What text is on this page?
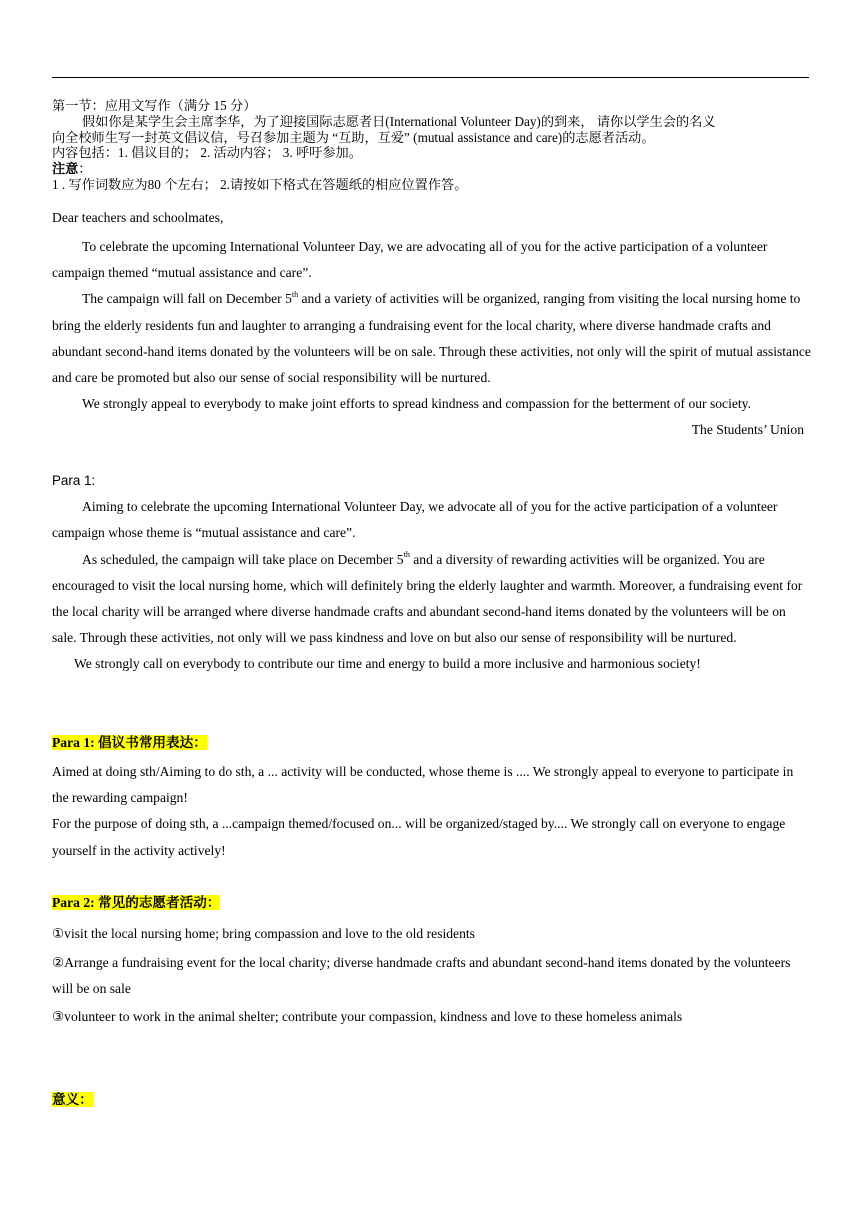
第一节：应用文写作（满分 15 分）
假如你是某学生会主席李华，为了迎接国际志愿者日(International Volunteer Day)的到来， 请你以学生会的名义
向全校师生写一封英文倡议信，号召参加主题为 “互助，互爱” (mutual assistance and care)的志愿者活动。
内容包括：1. 倡议目的； 2. 活动内容； 3. 呼吁参加。
注意：
1 . 写作词数应为80 个左右； 2.请按如下格式在答题纸的相应位置作答。

Dear teachers and schoolmates,

To celebrate the upcoming International Volunteer Day, we are advocating all of you for the active participation of a volunteer campaign themed “mutual assistance and care”.

The campaign will fall on December 5th and a variety of activities will be organized, ranging from visiting the local nursing home to bring the elderly residents fun and laughter to arranging a fundraising event for the local charity, where diverse handmade crafts and abundant second-hand items donated by the volunteers will be on sale. Through these activities, not only will the spirit of mutual assistance and care be promoted but also our sense of social responsibility will be nurtured.

We strongly appeal to everybody to make joint efforts to spread kindness and compassion for the betterment of our society.

The Students’ Union

Para 1:

Aiming to celebrate the upcoming International Volunteer Day, we advocate all of you for the active participation of a volunteer campaign whose theme is “mutual assistance and care”.

As scheduled, the campaign will take place on December 5th and a diversity of rewarding activities will be organized. You are encouraged to visit the local nursing home, which will definitely bring the elderly laughter and warmth. Moreover, a fundraising event for the local charity will be arranged where diverse handmade crafts and abundant second-hand items donated by the volunteers will be on sale. Through these activities, not only will we pass kindness and love on but also our sense of responsibility will be nurtured.

We strongly call on everybody to contribute our time and energy to build a more inclusive and harmonious society!

Para 1: 倡议书常用表达：

Aimed at doing sth/Aiming to do sth, a ... activity will be conducted, whose theme is .... We strongly appeal to everyone to participate in the rewarding campaign!

For the purpose of doing sth, a ...campaign themed/focused on... will be organized/staged by.... We strongly call on everyone to engage yourself in the activity actively!

Para 2: 常见的志愿者活动：

①visit the local nursing home; bring compassion and love to the old residents

②Arrange a fundraising event for the local charity; diverse handmade crafts and abundant second-hand items donated by the volunteers will be on sale

③volunteer to work in the animal shelter; contribute your compassion, kindness and love to these homeless animals

意义：
